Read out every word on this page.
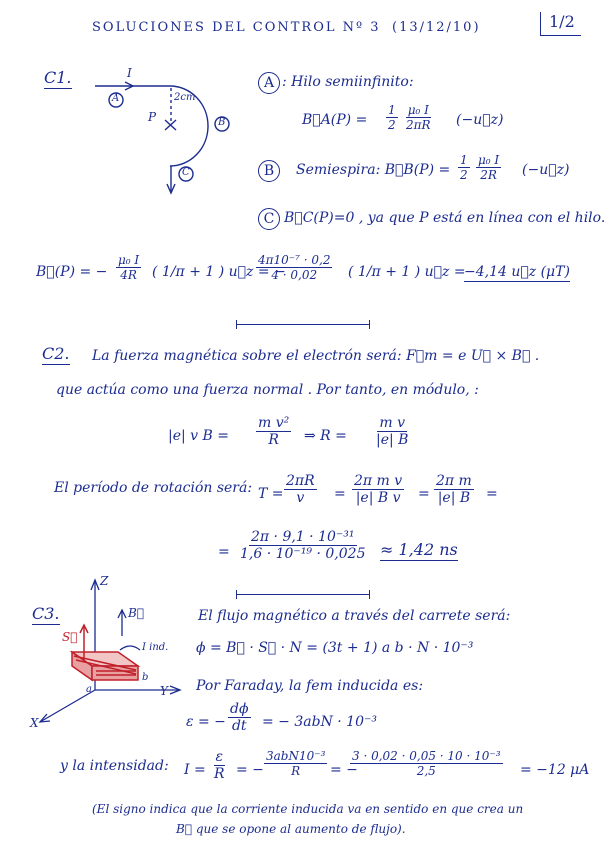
SOLUCIONES DEL CONTROL Nº 3 (13/12/10)	1/2
C1.	I
A
P
2cm
B
C
A : Hilo semiinfinito:
B⃗A(P) = $\frac{1}{2} \frac{\text{μ₀ I}}{2\pi R}$ (−u⃗z)
B	Semiespira: B⃗B(P) = $\frac{1}{2} \frac{\text{μ₀ I}}{2R}$ (−u⃗z)
C B⃗C(P)=0 , ya que P está en línea con el hilo.
B⃗(P) = − $\frac{\text{μ₀ I}}{4R}$ ( 1/π + 1 ) u⃗z = −
$\frac{\text{4π10⁻⁷ · 0,2}}{4 \cdot 0,02}$ ( 1/π + 1 ) u⃗z =
−4,14 u⃗z (μT)
C2. La fuerza magnética sobre el electrón será: F⃗m = e U⃗ × B⃗ .
que actúa como una fuerza normal . Por tanto, en módulo, :
|e| v $B = \frac{\text{m v²}}{R}$ ⇒ $R = \frac{\text{m v}}{|e| B}$
El período de rotación será: $T = \frac{2\pi R}{v} = \frac{\text{2π m v}}{\text{|e| B v}} = \frac{\text{2π m}}{|e| B}$ =
= $\frac{\text{2π · 9,1 · 10⁻³¹}}{\text{1,6 · 10⁻¹⁹ · 0,025}} \approx 1,42$ ns
C3.
Z
B⃗
S⃗
I ind.
a
b
Y
X
El flujo magnético a través del carrete será:
ϕ = B⃗ · S⃗ · N = (3t + 1) a b · N · 10⁻³
Por Faraday, la fem inducida es:
ε = − $\frac{d\phi}{dt}$ = − 3abN · 10⁻³
y la intensidad: $I = \frac{\varepsilon}{R}$ = −
3abN10⁻³
R = −
$\frac{\text{3 · 0,02 · 0,05 · 10 · 10⁻³}}{2,5} = -12$ μA
(El signo indica que la corriente inducida va en sentido en que crea un
B⃗ que se opone al aumento de flujo).
